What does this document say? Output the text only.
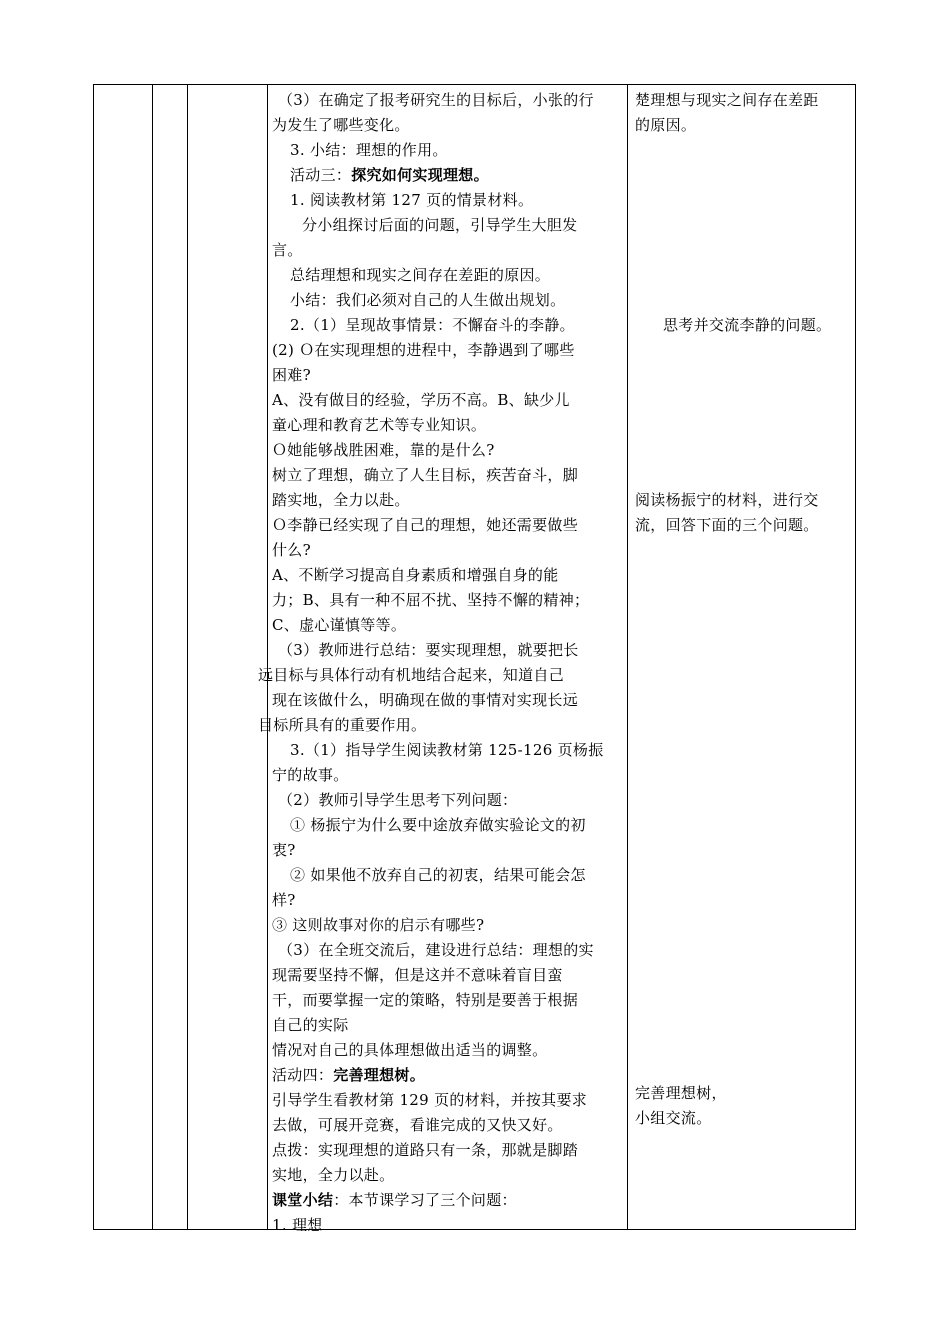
（3）在确定了报考研究生的目标后，小张的行
为发生了哪些变化。
3. 小结：理想的作用。
活动三：探究如何实现理想。
1. 阅读教材第 127 页的情景材料。
分小组探讨后面的问题，引导学生大胆发
言。
总结理想和现实之间存在差距的原因。
小结：我们必须对自己的人生做出规划。
2.（1）呈现故事情景：不懈奋斗的李静。
(2) Ｏ在实现理想的进程中，李静遇到了哪些
困难?
A、没有做目的经验，学历不高。B、缺少儿
童心理和教育艺术等专业知识。
Ｏ她能够战胜困难，靠的是什么?
树立了理想，确立了人生目标，疾苦奋斗，脚
踏实地，全力以赴。
Ｏ李静已经实现了自己的理想，她还需要做些
什么?
A、不断学习提高自身素质和增强自身的能
力；B、具有一种不屈不扰、坚持不懈的精神；
C、虚心谨慎等等。
（3）教师进行总结：要实现理想，就要把长
远目标与具体行动有机地结合起来，知道自己
现在该做什么，明确现在做的事情对实现长远
目标所具有的重要作用。
3.（1）指导学生阅读教材第 125-126 页杨振
宁的故事。
（2）教师引导学生思考下列问题：
① 杨振宁为什么要中途放弃做实验论文的初
衷?
② 如果他不放弃自己的初衷，结果可能会怎
样?
③ 这则故事对你的启示有哪些?
（3）在全班交流后，建设进行总结：理想的实
现需要坚持不懈，但是这并不意味着盲目蛮
干，而要掌握一定的策略，特别是要善于根据
自己的实际
情况对自己的具体理想做出适当的调整。
活动四：完善理想树。
引导学生看教材第 129 页的材料，并按其要求
去做，可展开竞赛，看谁完成的又快又好。
点拨：实现理想的道路只有一条，那就是脚踏
实地，全力以赴。
课堂小结：本节课学习了三个问题：
1. 理想
楚理想与现实之间存在差距
的原因。
思考并交流李静的问题。
阅读杨振宁的材料，进行交
流，回答下面的三个问题。
完善理想树，
小组交流。
